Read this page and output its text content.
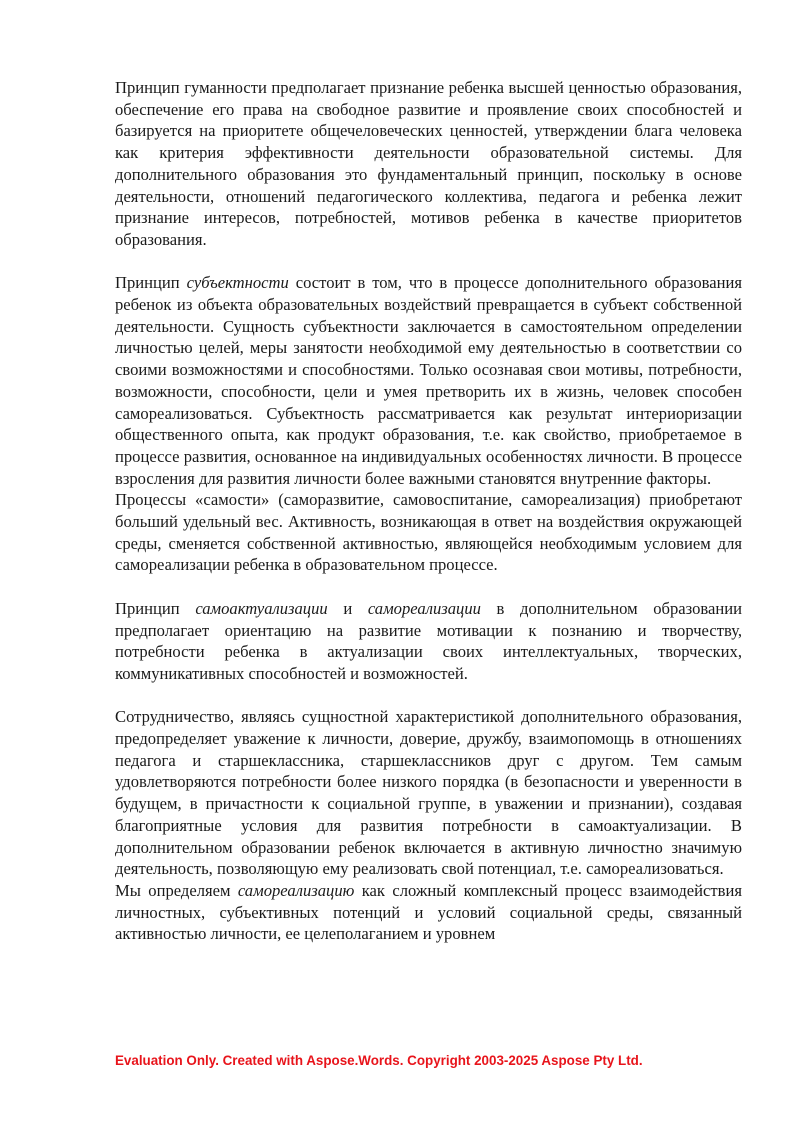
Принцип гуманности предполагает признание ребенка высшей ценностью образования, обеспечение его права на свободное развитие и проявление своих способностей и базируется на приоритете общечеловеческих ценностей, утверждении блага человека как критерия эффективности деятельности образовательной системы. Для дополнительного образования это фундаментальный принцип, поскольку в основе деятельности, отношений педагогического коллектива, педагога и ребенка лежит признание интересов, потребностей, мотивов ребенка в качестве приоритетов образования.

Принцип субъектности состоит в том, что в процессе дополнительного образования ребенок из объекта образовательных воздействий превращается в субъект собственной деятельности. Сущность субъектности заключается в самостоятельном определении личностью целей, меры занятости необходимой ему деятельностью в соответствии со своими возможностями и способностями. Только осознавая свои мотивы, потребности, возможности, способности, цели и умея претворить их в жизнь, человек способен самореализоваться. Субъектность рассматривается как результат интериоризации общественного опыта, как продукт образования, т.е. как свойство, приобретаемое в процессе развития, основанное на индивидуальных особенностях личности. В процессе взросления для развития личности более важными становятся внутренние факторы.

Процессы «самости» (саморазвитие, самовоспитание, самореализация) приобретают больший удельный вес. Активность, возникающая в ответ на воздействия окружающей среды, сменяется собственной активностью, являющейся необходимым условием для самореализации ребенка в образовательном процессе.

Принцип самоактуализации и самореализации в дополнительном образовании предполагает ориентацию на развитие мотивации к познанию и творчеству, потребности ребенка в актуализации своих интеллектуальных, творческих, коммуникативных способностей и возможностей.

Сотрудничество, являясь сущностной характеристикой дополнительного образования, предопределяет уважение к личности, доверие, дружбу, взаимопомощь в отношениях педагога и старшеклассника, старшеклассников друг с другом. Тем самым удовлетворяются потребности более низкого порядка (в безопасности и уверенности в будущем, в причастности к социальной группе, в уважении и признании), создавая благоприятные условия для развития потребности в самоактуализации. В дополнительном образовании ребенок включается в активную личностно значимую деятельность, позволяющую ему реализовать свой потенциал, т.е. самореализоваться.

Мы определяем самореализацию как сложный комплексный процесс взаимодействия личностных, субъективных потенций и условий социальной среды, связанный активностью личности, ее целеполаганием и уровнем

Evaluation Only. Created with Aspose.Words. Copyright 2003-2025 Aspose Pty Ltd.
